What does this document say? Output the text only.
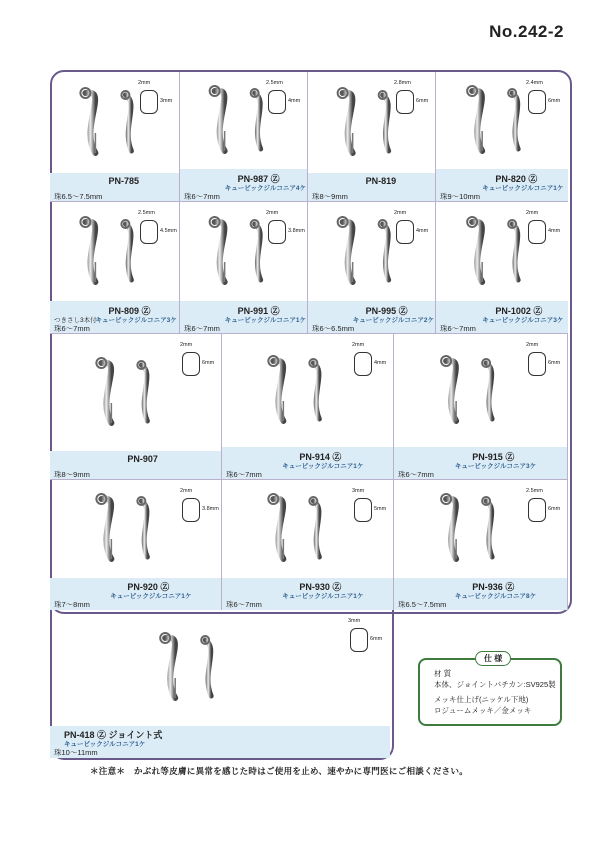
No.242-2
2mm
3mm
PN-785
珠6.5～7.5mm
2.5mm
4mm
PN-987 Ⓩ
キュービックジルコニア4ケ
珠6～7mm
2.8mm
6mm
PN-819
珠8～9mm
2.4mm
6mm
PN-820 Ⓩ
キュービックジルコニア1ケ
珠9～10mm
2.5mm
4.5mm
PN-809 Ⓩ
キュービックジルコニア3ケ
つきさし3本付
珠6～7mm
2mm
3.8mm
PN-991 Ⓩ
キュービックジルコニア1ケ
珠6～7mm
2mm
4mm
PN-995 Ⓩ
キュービックジルコニア2ケ
珠6～6.5mm
2mm
4mm
PN-1002 Ⓩ
キュービックジルコニア3ケ
珠6～7mm
2mm
6mm
PN-907
珠8～9mm
2mm
4mm
PN-914 Ⓩ
キュービックジルコニア1ケ
珠6～7mm
2mm
6mm
PN-915 Ⓩ
キュービックジルコニア3ケ
珠6～7mm
2mm
3.8mm
PN-920 Ⓩ
キュービックジルコニア1ケ
珠7～8mm
3mm
5mm
PN-930 Ⓩ
キュービックジルコニア1ケ
珠6～7mm
2.5mm
6mm
PN-936 Ⓩ
キュービックジルコニア8ケ
珠6.5～7.5mm
3mm
6mm
PN-418 Ⓩ ジョイント式
キュービックジルコニア1ケ
珠10～11mm
仕 様
材 質
本体、ジョイントバチカン:SV925製
メッキ仕上げ(ニッケル下地)
ロジュームメッキ／金メッキ
＊注意＊　かぶれ等皮膚に異常を感じた時はご使用を止め、速やかに専門医にご相談ください。
